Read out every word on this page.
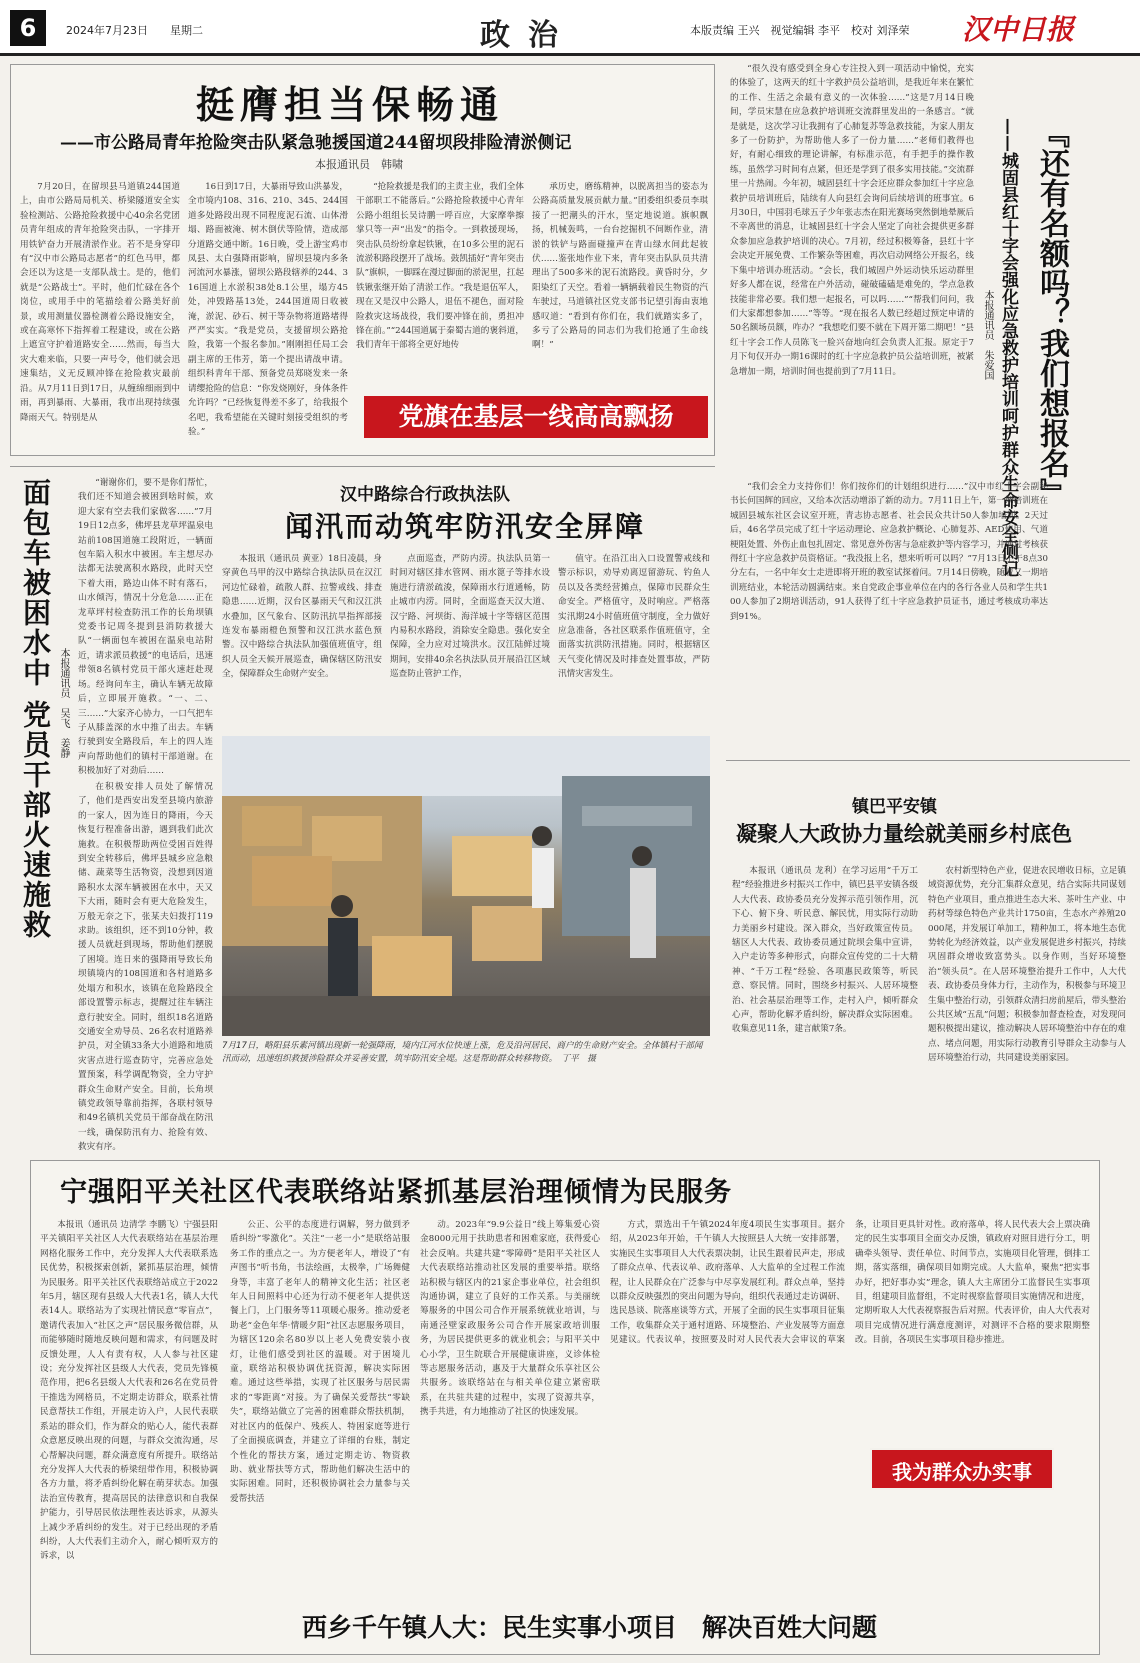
6	2024年7月23日 星期二	政治	本版责编 王兴　视觉编辑 李平　校对 刘泽荣 汉中日报
挺膺担当保畅通
——市公路局青年抢险突击队紧急驰援国道244留坝段排险清淤侧记
本报通讯员　韩啸
7月20日，在留坝县马道镇244国道上，由市公路局局机关、桥梁隧道安全实验检测站、公路抢险救援中心40余名党团员青年组成的青年抢险突击队，一字排开用铁铲奋力开展清淤作业。若不是身穿印有“汉中市公路局志愿者”的红色马甲，都会还以为这是一支部队战士。是的，他们就是“公路战士”。平时，他们忙碌在各个岗位，或用手中的笔描绘着公路美好前景，或用测量仪器检测着公路设施安全，或在高寒怀下指挥着工程建设，或在公路上遮宣守护着道路安全……然而，每当大灾大难来临，只要一声号令，他们就会迅速集结，义无反顾冲锋在抢险救灾最前沿。从7月11日到17日，从缠绵细雨到中雨，再到暴雨、大暴雨，我市出现持续强降雨天气。特别是从
16日到17日，大暴雨导致山洪暴发，全市境内108、316、210、345、244国道多处路段出现不同程度泥石流、山体滑塌、路面被淹、树木倒伏等险情，造成部分道路交通中断。16日晚，受上游宝鸡市凤县、太白强降雨影响，留坝县境内多条河流河水暴涨，留坝公路段辖养的244、316国道上水淤积38处8.1公里，塌方45处，冲毁路基13处，244国道周日收被淹，淤泥、砂石、树干等杂物将道路堵得严严实实。“我是党员，支援留坝公路抢险，我第一个报名参加。”刚刚担任局工会副主席的王伟芳，第一个提出请战申请。组织科青年干部、预备党员郑晓发来一条请缨抢险的信息：“你发烧刚好，身体条件允许吗？”已经恢复得差不多了，给我报个名吧，我希望能在关键时刻接受组织的考验。”
“抢险救援是我们的主责主业，我们全体干部职工不能落后。”公路抢险救援中心青年公路小组组长吴诗鹏一呼百应，大家摩拳擦掌只等一声“出发”的指令。一到救援现场，突击队员纷纷拿起铁锹，在10多公里的泥石流淤积路段摆开了战场。鼓凯插好“青年突击队”旗帜，一脚踩在漫过脚面的淤泥里，扛起铁锹张继开始了清淤工作。“我是退伍军人，现在又是汉中公路人，退伍不褪色，面对险险救灾这场战役，我们要冲锋在前，勇担冲锋在前。”“244国道属于秦蜀古道的褒斜道，我们青年干部将全更好地传
承历史，磨练精神，以脱离担当的姿态为公路高质量发展贡献力量。”团委组织委员李琪接了一把潮头的汗水，坚定地说道。旗帜飘扬，机械轰鸣，一台台挖掘机不间断作业，清淤的铁铲与路面碰撞声在青山绿水间此起彼伏……鉴张地作业下来，青年突击队队员共清理出了500多米的泥石流路段。黄昏时分，夕阳染红了天空。看着一辆辆载着民生物资的汽车驶过，马道镇社区党支部书记望引海由衷地感叹道：“看到有你们在，我们就踏实多了，多亏了公路局的同志们为我们抢通了生命线啊！”
党旗在基层一线高高飘扬
面包车被困水中 党员干部火速施救 本报通讯员　吴飞　姜静
“谢谢你们，要不是你们帮忙，我们还不知道会被困到啥时候，欢迎大家有空去我们家做客……”7月19日12点多，佛坪县龙草坪温泉电站前108国道施工段附近，一辆面包车陷入积水中被困。车主想尽办法都无法驶离积水路段，此时天空下着大雨，路边山体不时有落石，山水倾泻，情况十分危急……正在龙草坪村检查防汛工作的长角坝镇党委书记周冬提到县消防救援大队“一辆面包车被困在温泉电站附近，请求派员救援”的电话后，迅速带领8名镇村党员干部火速赶赴现场。经询问车主，确认车辆无故障后，立即展开施救。“一、二、三……”大家齐心协力，一口气把车子从膝盖深的水中推了出去。车辆行驶到安全路段后，车上的四人连声向帮助他们的镇村干部道谢。在积极加好了对劲后……
在积极安排人员处了解情况了，他们是西安出发至县境内旅游的一家人，因为连日的降雨，今天恢复行程准备出游，遇到我们此次施救。在积极帮助两位受困百姓得到安全转移后，佛坪县城乡应急粮储、蔬菜等生活物资，没想到因道路积水太深车辆被困在水中，天又下大雨，随时会有更大危险发生，万般无奈之下，张某夫妇拨打119求助。该组织，还不到10分钟，救援人员就赶到现场，帮助他们摆脱了困境。连日来的强降雨导致长角坝镇境内的108国道和各村道路多处塌方和积水，该镇在危险路段全部设置警示标志，提醒过往车辆注意行驶安全。同时，组织18名道路交通安全劝导员、26名农村道路养护员，对全镇33条大小道路和地质灾害点进行巡查防守，完善应急处置预案，科学调配物资，全力守护群众生命财产安全。目前，长角坝镇党政领导靠前指挥，各联村领导和49名镇机关党员干部奋战在防汛一线，确保防汛有力、抢险有效、救灾有序。
汉中路综合行政执法队
闻汛而动筑牢防汛安全屏障
本报讯（通讯员 黄亚）18日凌晨，身穿黄色马甲的汉中路综合执法队员在汉江河边忙碌着，疏散人群、拉警戒线、排查隐患……近期，汉台区暴雨天气和汉江洪水叠加，区气象台、区防汛抗旱指挥部接连发布暴雨橙色预警和汉江洪水蓝色预警。汉中路综合执法队加强值班值守，组织人员全天候开展巡查，确保辖区防汛安全，保障群众生命财产安全。
点面巡查，严防内涝。执法队员第一时间对辖区排水管网、雨水篦子等排水设施进行清淤疏浚，保障雨水行道通畅，防止城市内涝。同时，全面巡查天汉大道、汉宁路、河坝街、海洋城十字等辖区范围内易积水路段，消除安全隐患。强化安全保障，全力应对过境洪水。汉江陆鲜过境期间，安排40余名执法队员开展沿江区域巡查防止管护工作，
值守。在沿江出入口设置警戒线和警示标识，劝导劝离逗留游玩、钓鱼人员以及各类经营摊点，保障市民群众生命安全。严格值守，及时响应。严格落实汛期24小时值班值守制度，全力做好应急准备，各社区联系作值班值守，全面落实抗洪防汛措施。同时，根据辖区天气变化情况及时排查处置事故，严防汛情灾害发生。
7月17日，略阳县乐素河镇出现新一轮强降雨，境内江河水位快速上涨，危及沿河居民、商户的生命财产安全。全体镇村干部闻汛而动，迅速组织救援涉险群众并妥善安置，筑牢防汛安全堤。这是帮助群众转移物资。　丁平　摄
『还有名额吗？我们想报名』
——城固县红十字会强化应急救护培训呵护群众生命安全侧记
本报通讯员　朱爱国
“很久没有感受到全身心专注投入到一项活动中愉悦，充实的体验了，这两天的红十字救护员公益培训，是我近年来在繁忙的工作、生活之余最有意义的一次体验……”这是7月14日晚间，学员宋慧在应急救护培训班交流群里发出的一条感言。“就是就是，这次学习让我拥有了心肺复苏等急救技能，为家人朋友多了一份防护，为帮助他人多了一份力量……”老师们教得也好，有耐心细致的理论讲解，有标准示范，有手把手的操作教练，虽然学习时间有点紧，但还是学到了很多实用技能。”交流群里一片热闹。今年初，城固县红十字会还应群众参加红十字应急救护员培训班后，陆续有人向县红会询问后续培训的班事宜。6月30日，中国羽毛球五子少年张志杰在阳光赛场突然倒地晕厥后不幸离世的消息，让城固县红十字会人坚定了向社会提供更多群众参加应急救护培训的决心。7月初，经过积极筹备，县红十字会决定开展免费、工作繁杂等困难，再次启动网络公开报名，线下集中培训办班活动。“会长，我们城固户外运动快乐运动群里好多人都在说，经常在户外活动，碰破磕磕是难免的，学点急救技能非常必要。我们想一起报名，可以吗……”“帮我们问问，我们大家都想参加……”等等。“现在报名人数已经超过预定申请的50名额场员额，咋办？”我想吃们要不就在下周开第二期吧！”县红十字会工作人员陈飞一脸兴奋地向红会负责人汇报。原定于7月下旬仅开办一期16课时的红十字应急救护员公益培训班，被紧急增加一期，培训时间也提前到了7月11日。
“我们会全力支持你们！你们按你们的计划组织进行……”汉中市红十字会副秘书长何国辉的回应，又给本次活动增添了新的动力。7月11日上午，第一期培训班在城固县城东社区会议室开班，青志协志愿者、社会民众共计50人参加培训。2天过后，46名学员完成了红十字运动理论、应急救护概论、心肺复苏、AED使用、气道梗阻处置、外伤止血包扎固定、常见意外伤害与急症救护等内容学习，并通过考核获得红十字应急救护员资格证。“我没报上名，想来听听可以吗？”7月13日上午8点30分左右，一名中年女士走进即将开班的教室试探着问。7月14日傍晚，随着又一期培训班结业，本轮活动圆满结束。来自党政企事业单位在内的各行各业人员和学生共100人参加了2期培训活动，91人获得了红十字应急救护员证书，通过考核成功率达到91%。
镇巴平安镇
凝聚人大政协力量绘就美丽乡村底色
本报讯（通讯员 龙利）在学习运用“千万工程”经验推进乡村振兴工作中，镇巴县平安镇各级人大代表、政协委员充分发挥示范引领作用，沉下心、俯下身、听民意、解民忧，用实际行动助力美丽乡村建设。深入群众，当好政策宣传员。辖区人大代表、政协委员通过院坝会集中宣讲，入户走访等多种形式，向群众宣传党的二十大精神、“千万工程”经验、各项惠民政策等，听民意、察民情。同时，围绕乡村振兴、人居环境整治、社会基层治理等工作，走村入户，倾听群众心声，帮助化解矛盾纠纷，解决群众实际困难。收集意见11条，建言献策7条。
农村新型特色产业，促进农民增收日标，立足镇域资源优势，充分汇集群众意见，结合实际共同谋划特色产业项目，重点推进生态大米、茶叶生产业、中药材等绿色特色产业共计1750亩，生态水产养殖20000尾，并发展订单加工，精种加工，将本地生态优势转化为经济效益，以产业发展促进乡村振兴，持续巩固群众增收致富势头。以身作则，当好环境整治“领头员”。在人居环境整治提升工作中，人大代表、政协委员身体力行，主动作为，积极参与环境卫生集中整治行动，引领群众清扫房前屋后，带头整治公共区域“五乱”问题；积极参加督查检查，对发现问题积极提出建议，推动解决人居环境整治中存在的难点、堵点问题，用实际行动教育引导群众主动参与人居环境整治行动，共同建设美丽家园。
宁强阳平关社区代表联络站紧抓基层治理倾情为民服务
本报讯（通讯员 边清学 李鹏飞）宁强县阳平关镇阳平关社区人大代表联络站在基层治理网格化服务工作中，充分发挥人大代表联系选民优势，积极探索创新，紧抓基层治理，倾情为民服务。阳平关社区代表联络站成立于2022年5月，辖区现有县级人大代表1名，镇人大代表14人。联络站为了实现社情民意“零盲点”，邀请代表加入“社区之声”居民服务微信群，从而能够随时随地反映问题和需求，有问题及时反馈处理，人人有责有权，人人参与社区建设；充分发挥社区县级人大代表，党员先锋模范作用，把6名县级人大代表和26名在党员骨干推选为网格员，不定期走访群众，联系社情民意帮扶工作组，开展走访入户，人民代表联系站的群众们，作为群众的贴心人，能代表群众意愿反映出现的问题，与群众交流沟通，尽心帮解决问题，群众满意度有所提升。联络站充分发挥人大代表的桥梁纽带作用，积极协调各方力量，将矛盾纠纷化解在萌芽状态。加强法治宣传教育，提高居民的法律意识和自我保护能力，引导居民依法理性表达诉求，从源头上减少矛盾纠纷的发生。对于已经出现的矛盾纠纷，人大代表们主动介入，耐心倾听双方的诉求，以
公正、公平的态度进行调解，努力做到矛盾纠纷“零激化”。关注“一老一小”是联络站服务工作的重点之一。为方便老年人，增设了“有声图书”听书角，书法绘画，太极拳，广场舞健身等，丰富了老年人的精神文化生活；社区老年人日间照料中心还为行动不便老年人提供送餐上门，上门服务等11项暖心服务。推动爱老助老“金色年华·情暖夕阳”社区志愿服务项目，为辖区120余名80岁以上老人免费安装小夜灯，让他们感受到社区的温暖。对于困境儿童，联络站积极协调优抚资源，解决实际困难。通过这些举措，实现了社区服务与居民需求的“零距离”对接。为了确保关爱帮扶“零缺失”，联络站做立了完善的困难群众帮扶机制，对社区内的低保户、残疾人、特困家庭等进行了全面摸底调查，并建立了详细的台账，制定个性化的帮扶方案，通过定期走访、物资救助、就业帮扶等方式，帮助他们解决生活中的实际困难。同时，还积极协调社会力量参与关爱帮扶活
动。2023年“9.9公益日”线上筹集爱心资金8000元用于扶助患者和困难家庭，获得爱心社会反响。共建共建“零障碍”是阳平关社区人大代表联络站推动社区发展的重要举措。联络站积极与辖区内的21家企事业单位，社会组织沟通协调，建立了良好的工作关系。与美丽统筹服务的中国公司合作开展系统就业培训，与南通泾壁家政服务公司合作开展家政培训服务，为居民提供更多的就业机会；与阳平关中心小学，卫生院联合开展健康讲座，义诊体检等志愿服务活动，惠及于大量群众乐享社区公共服务。该联络站在与相关单位建立紧密联系，在共驻共建的过程中，实现了资源共享，携手共进，有力地推动了社区的快速发展。
方式，票选出千午镇2024年度4项民生实事项目。据介绍，从2023年开始，千午镇人大按照县人大统一安排部署，实施民生实事项目人大代表票决制，让民生跟着民声走，形成了群众点单、代表议单、政府落单、人大监单的全过程工作流程，让人民群众在广泛参与中尽享发展红利。群众点单，坚持以群众反映强烈的突出问题为导向，组织代表通过走访调研、选民恳谈、院落座谈等方式，开展了全面的民生实事项目征集工作，收集群众关于通村道路、环境整治、产业发展等方面意见建议。代表议单，按照要及时对人民代表大会审议的草案条，让项目更具针对性。政府落单，将人民代表大会上票决确定的民生实事项目全面交办反馈，镇政府对照目进行分工，明确牵头领导、责任单位、时间节点，实施项目化管理，倒排工期，落实落细，确保项目如期完成。人大监单，聚焦“把实事办好，把好事办实”理念，镇人大主席团分工监督民生实事项目，组建项目监督组，不定时视察监督项目实施情况和进度，定期听取人大代表视察报告后对照。代表评价，由人大代表对项目完成情况进行满意度测评，对测评不合格的要求限期整改。目前，各项民生实事项目稳步推进。
我为群众办实事
西乡千午镇人大：民生实事小项目　解决百姓大问题
